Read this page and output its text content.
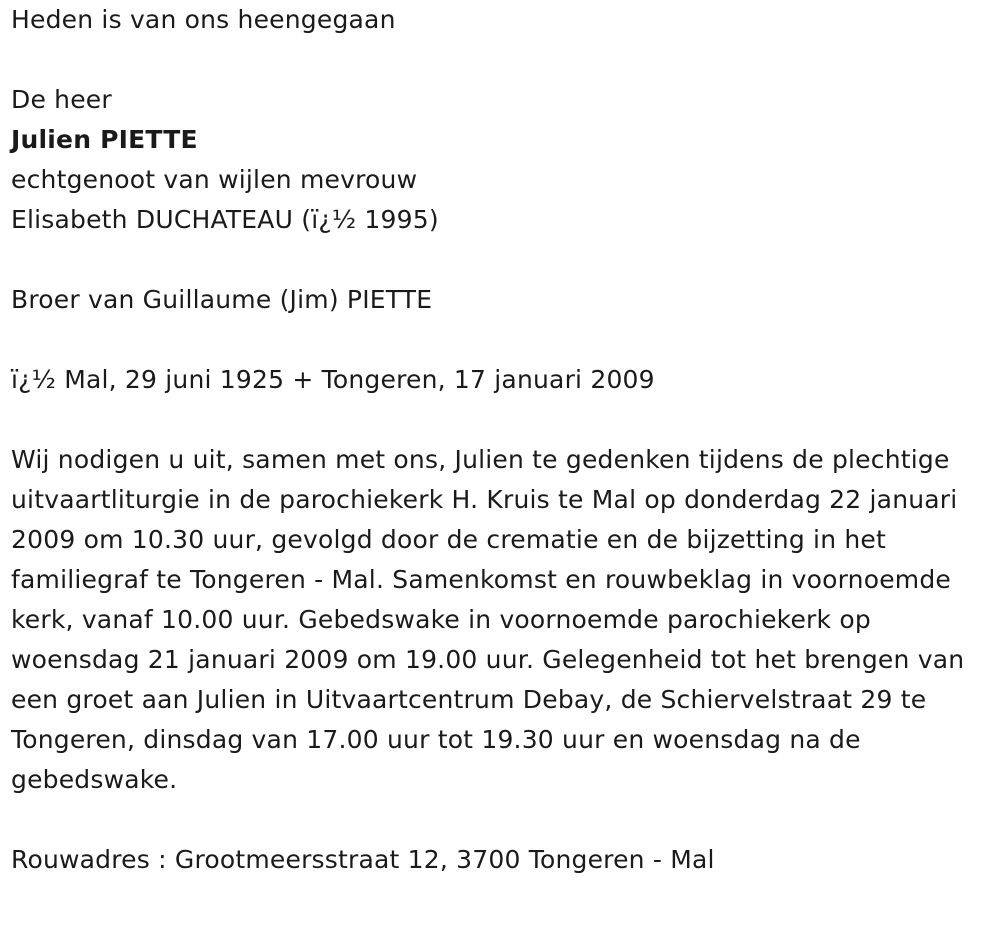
Heden is van ons heengegaan
De heer
Julien PIETTE
echtgenoot van wijlen mevrouw
Elisabeth DUCHATEAU (ï¿½ 1995)
Broer van Guillaume (Jim) PIETTE
ï¿½ Mal, 29 juni 1925 + Tongeren, 17 januari 2009
Wij nodigen u uit, samen met ons, Julien te gedenken tijdens de plechtige uitvaartliturgie in de parochiekerk H. Kruis te Mal op donderdag 22 januari 2009 om 10.30 uur, gevolgd door de crematie en de bijzetting in het familiegraf te Tongeren - Mal. Samenkomst en rouwbeklag in voornoemde kerk, vanaf 10.00 uur. Gebedswake in voornoemde parochiekerk op woensdag 21 januari 2009 om 19.00 uur. Gelegenheid tot het brengen van een groet aan Julien in Uitvaartcentrum Debay, de Schiervelstraat 29 te Tongeren, dinsdag van 17.00 uur tot 19.30 uur en woensdag na de gebedswake.
Rouwadres : Grootmeersstraat 12, 3700 Tongeren - Mal
